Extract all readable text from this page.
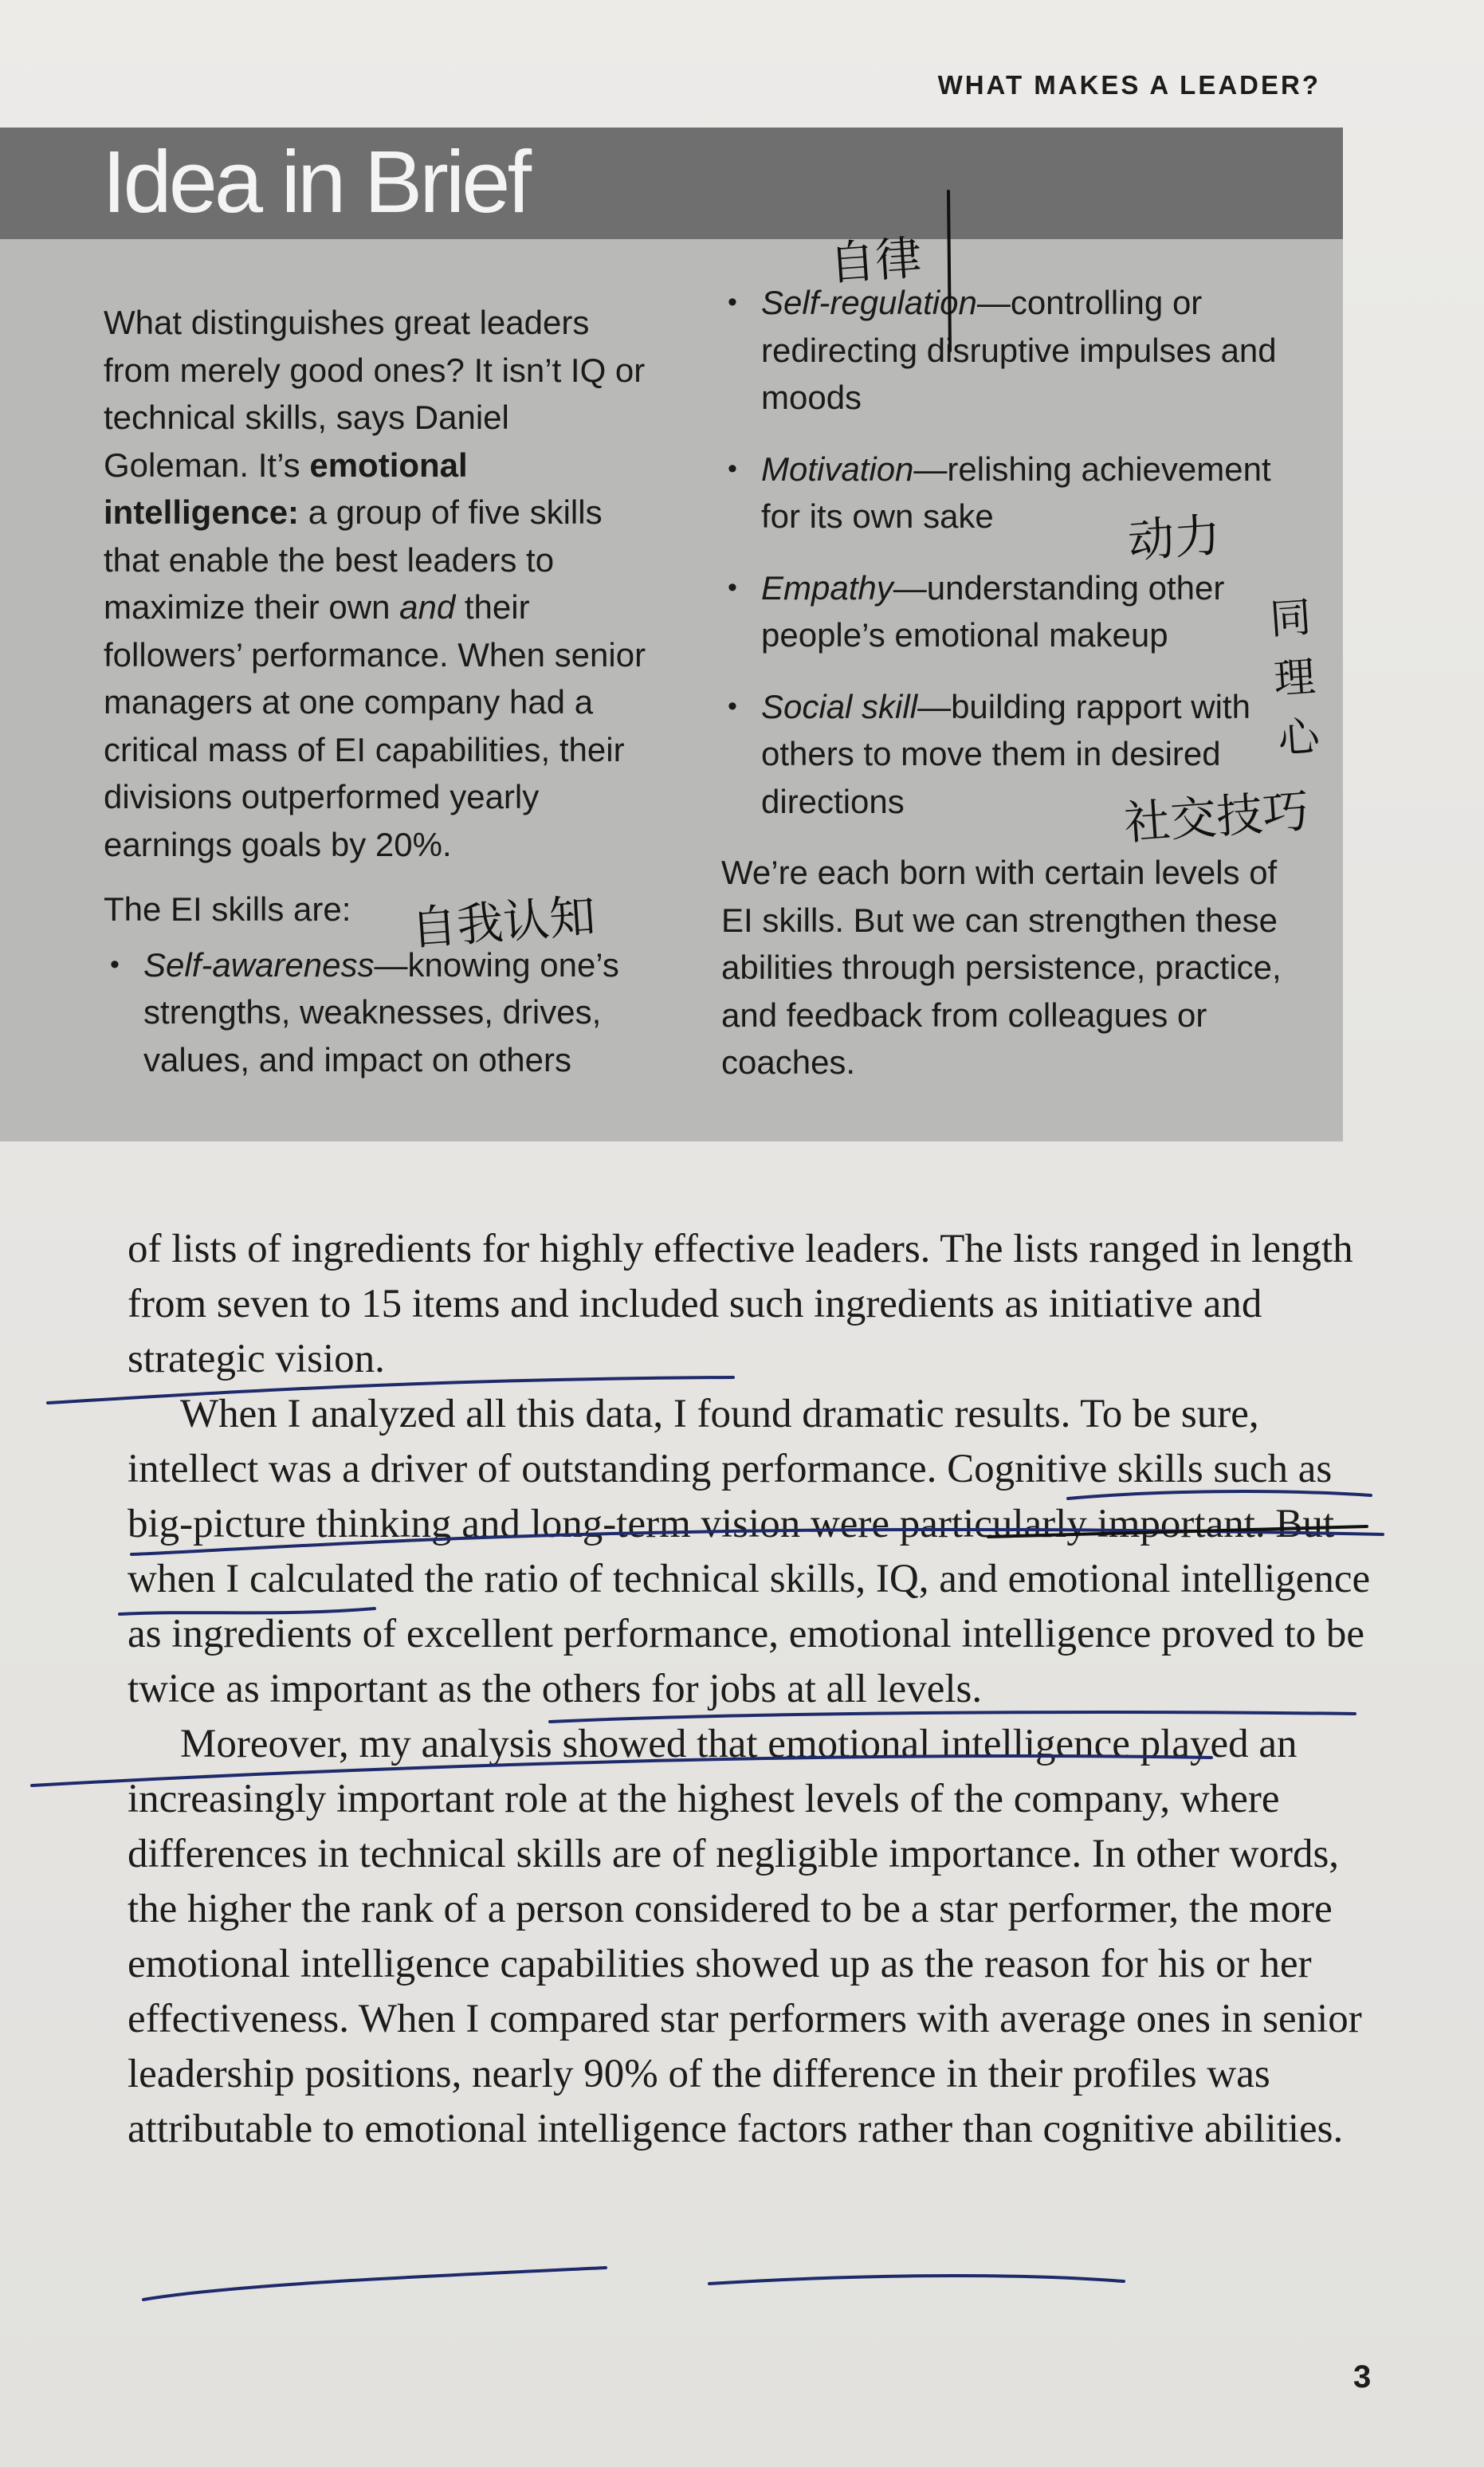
WHAT MAKES A LEADER?
Idea in Brief

What distinguishes great leaders from merely good ones? It isn’t IQ or technical skills, says Daniel Goleman. It’s emotional intelligence: a group of five skills that enable the best leaders to maximize their own and their followers’ performance. When senior managers at one company had a critical mass of EI capabilities, their divisions outperformed yearly earnings goals by 20%.

The EI skills are:

• Self-awareness—knowing one’s strengths, weaknesses, drives, values, and impact on others
• Self-regulation—controlling or redirecting disruptive impulses and moods
• Motivation—relishing achievement for its own sake
• Empathy—understanding other people’s emotional makeup
• Social skill—building rapport with others to move them in desired directions

We’re each born with certain levels of EI skills. But we can strengthen these abilities through persistence, practice, and feedback from colleagues or coaches.

自我认知
自律
动力
同理心
社交技巧

of lists of ingredients for highly effective leaders. The lists ranged in length from seven to 15 items and included such ingredients as initiative and strategic vision.

When I analyzed all this data, I found dramatic results. To be sure, intellect was a driver of outstanding performance. Cognitive skills such as big-picture thinking and long-term vision were particularly important. But when I calculated the ratio of technical skills, IQ, and emotional intelligence as ingredients of excellent performance, emotional intelligence proved to be twice as important as the others for jobs at all levels.

Moreover, my analysis showed that emotional intelligence played an increasingly important role at the highest levels of the company, where differences in technical skills are of negligible importance. In other words, the higher the rank of a person considered to be a star performer, the more emotional intelligence capabilities showed up as the reason for his or her effectiveness. When I compared star performers with average ones in senior leadership positions, nearly 90% of the difference in their profiles was attributable to emotional intelligence factors rather than cognitive abilities.

3
